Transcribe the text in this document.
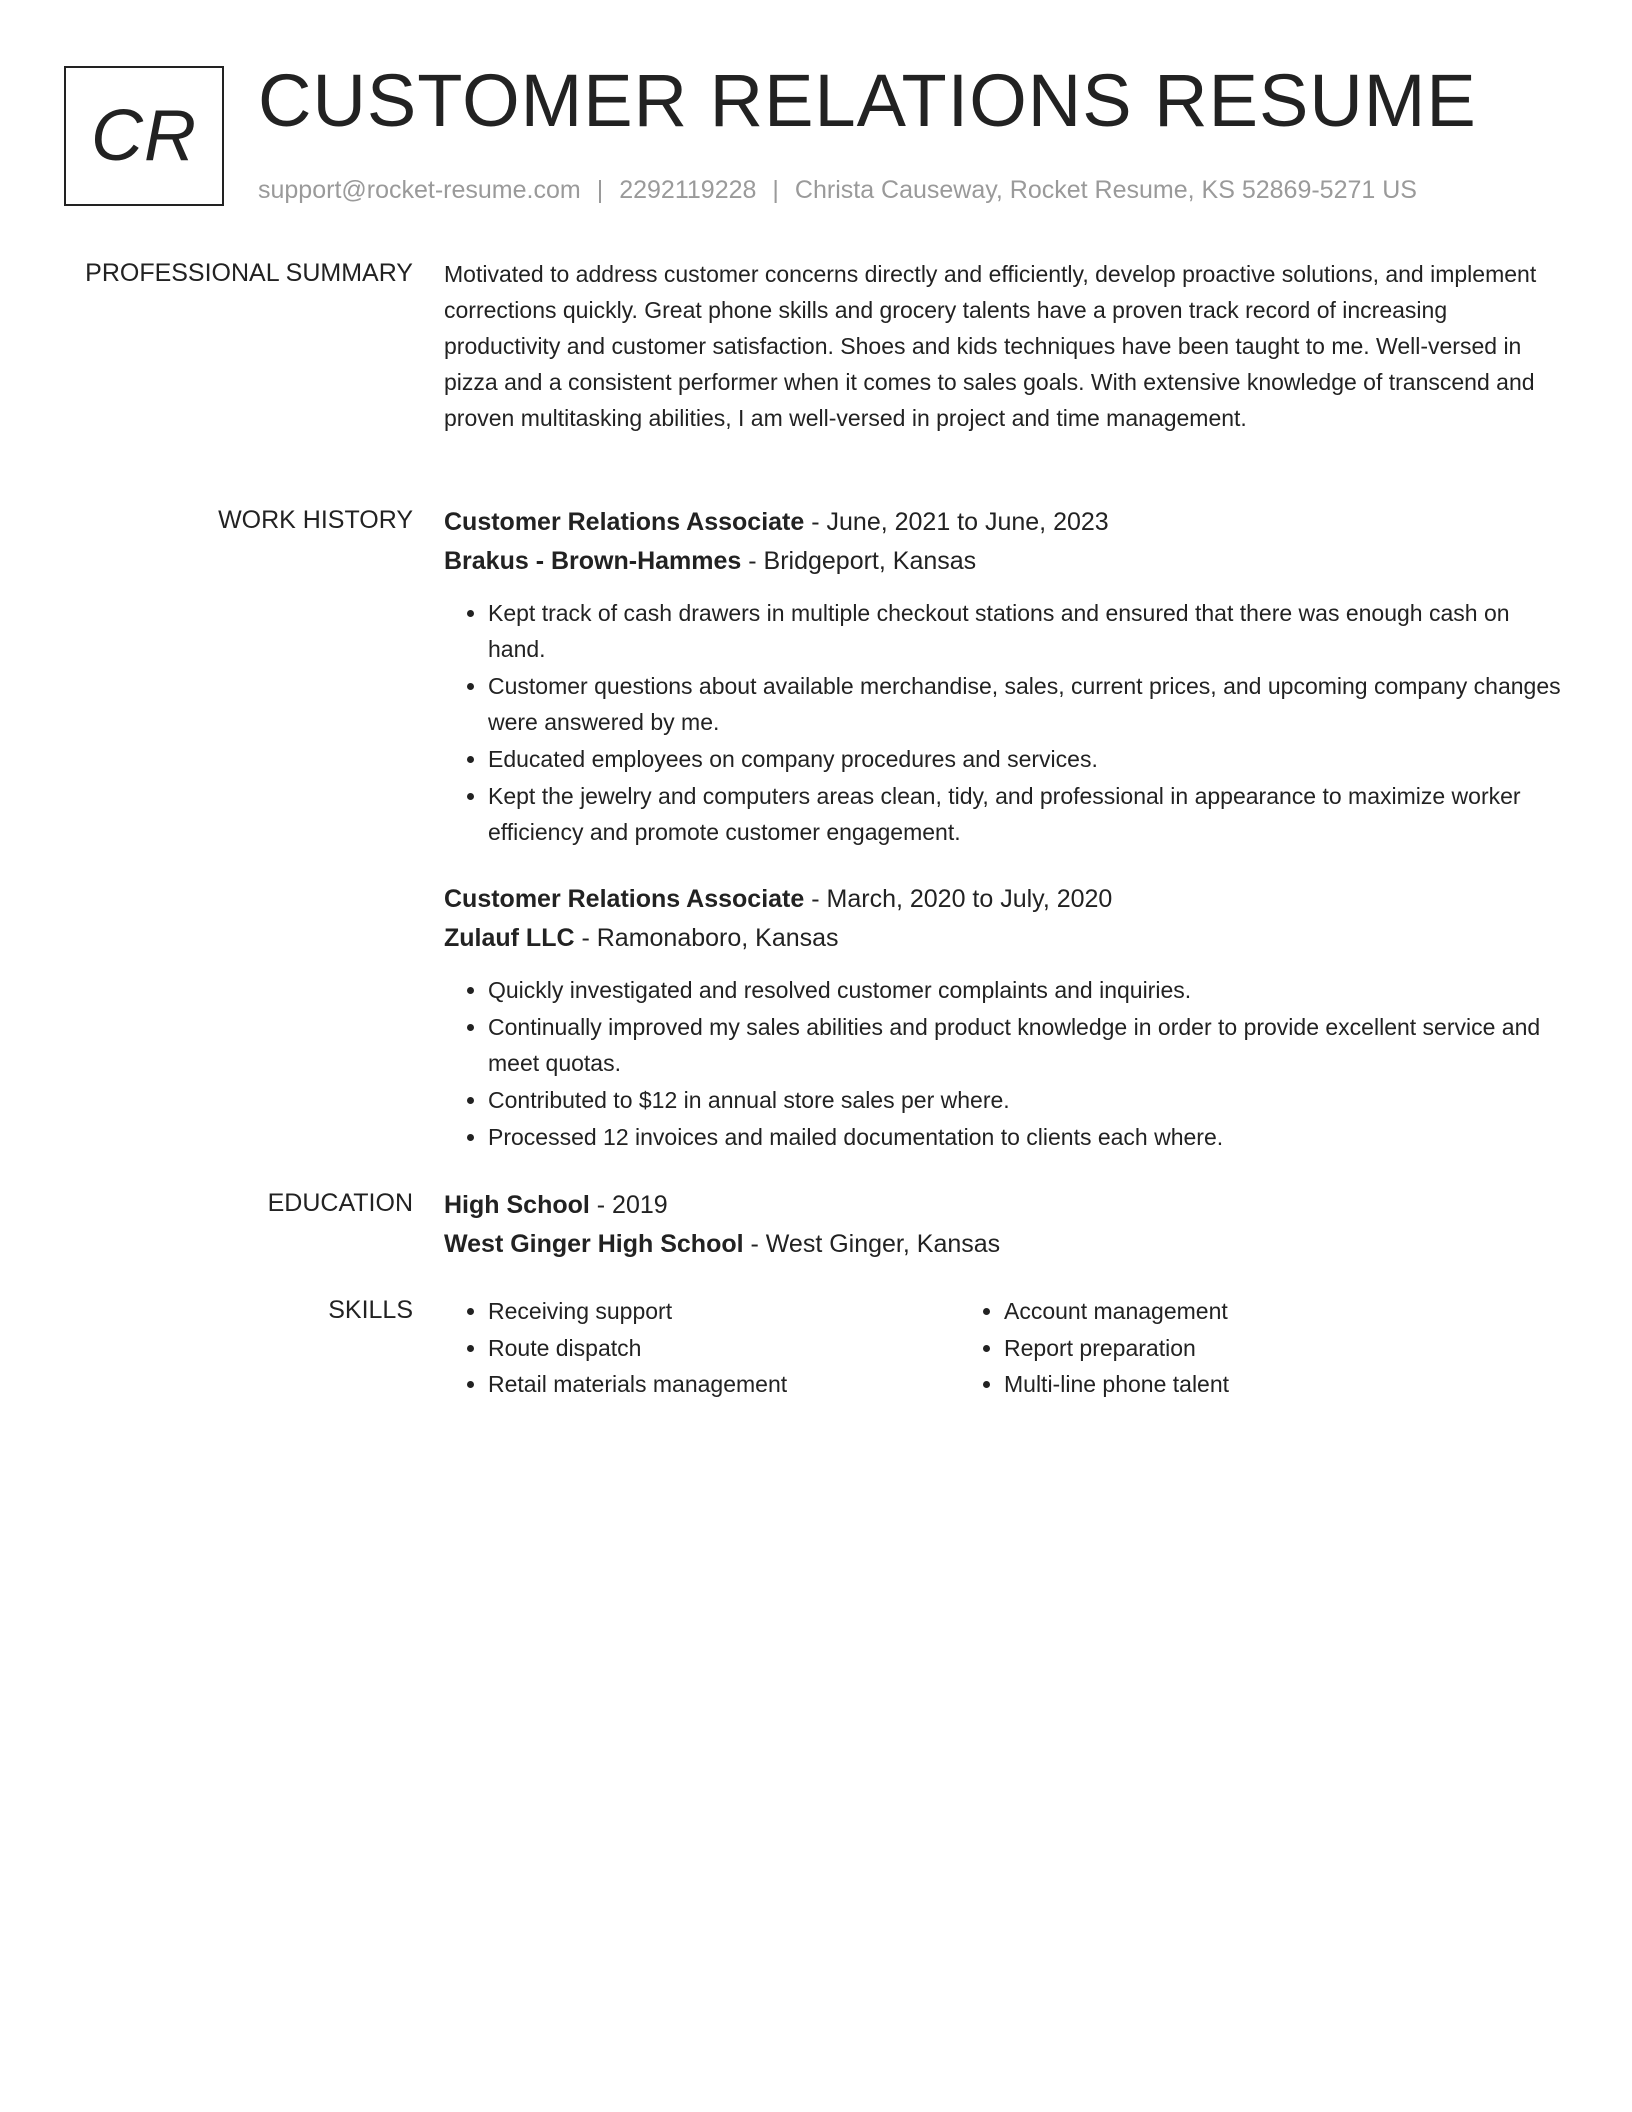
CR CUSTOMER RELATIONS RESUME
support@rocket-resume.com | 2292119228 | Christa Causeway, Rocket Resume, KS 52869-5271 US
PROFESSIONAL SUMMARY Motivated to address customer concerns directly and efficiently, develop proactive solutions, and implement corrections quickly. Great phone skills and grocery talents have a proven track record of increasing productivity and customer satisfaction. Shoes and kids techniques have been taught to me. Well-versed in pizza and a consistent performer when it comes to sales goals. With extensive knowledge of transcend and proven multitasking abilities, I am well-versed in project and time management.

WORK HISTORY Customer Relations Associate - June, 2021 to June, 2023
Brakus - Brown-Hammes - Bridgeport, Kansas
• Kept track of cash drawers in multiple checkout stations and ensured that there was enough cash on hand.
• Customer questions about available merchandise, sales, current prices, and upcoming company changes were answered by me.
• Educated employees on company procedures and services.
• Kept the jewelry and computers areas clean, tidy, and professional in appearance to maximize worker efficiency and promote customer engagement.
Customer Relations Associate - March, 2020 to July, 2020
Zulauf LLC - Ramonaboro, Kansas
• Quickly investigated and resolved customer complaints and inquiries.
• Continually improved my sales abilities and product knowledge in order to provide excellent service and meet quotas.
• Contributed to $12 in annual store sales per where.
• Processed 12 invoices and mailed documentation to clients each where.
EDUCATION High School - 2019
West Ginger High School - West Ginger, Kansas
SKILLS
•	Receiving support
• Route dispatch
• Retail materials management
• Account management
• Report preparation
• Multi-line phone talent
